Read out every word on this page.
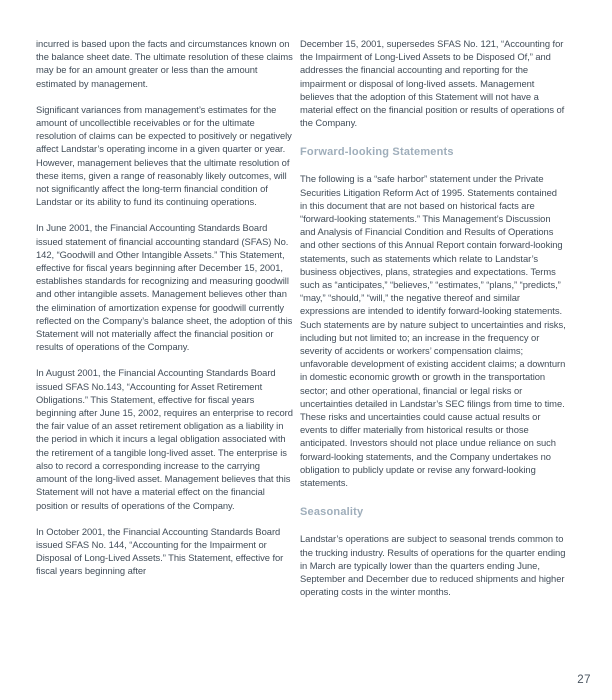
incurred is based upon the facts and circumstances known on the balance sheet date. The ultimate resolution of these claims may be for an amount greater or less than the amount estimated by management.

Significant variances from management’s estimates for the amount of uncollectible receivables or for the ultimate resolution of claims can be expected to positively or negatively affect Landstar’s operating income in a given quarter or year. However, management believes that the ultimate resolution of these items, given a range of reasonably likely outcomes, will not significantly affect the long-term financial condition of Landstar or its ability to fund its continuing operations.

In June 2001, the Financial Accounting Standards Board issued statement of financial accounting standard (SFAS) No. 142, “Goodwill and Other Intangible Assets.” This Statement, effective for fiscal years beginning after December 15, 2001, establishes standards for recognizing and measuring goodwill and other intangible assets. Management believes other than the elimination of amortization expense for goodwill currently reflected on the Company’s balance sheet, the adoption of this Statement will not materially affect the financial position or results of operations of the Company.

In August 2001, the Financial Accounting Standards Board issued SFAS No.143, “Accounting for Asset Retirement Obligations.” This Statement, effective for fiscal years beginning after June 15, 2002, requires an enterprise to record the fair value of an asset retirement obligation as a liability in the period in which it incurs a legal obligation associated with the retirement of a tangible long-lived asset. The enterprise is also to record a corresponding increase to the carrying amount of the long-lived asset. Management believes that this Statement will not have a material effect on the financial position or results of operations of the Company.

In October 2001, the Financial Accounting Standards Board issued SFAS No. 144, “Accounting for the Impairment or Disposal of Long-Lived Assets.” This Statement, effective for fiscal years beginning after

December 15, 2001, supersedes SFAS No. 121, “Accounting for the Impairment of Long-Lived Assets to be Disposed Of,” and addresses the financial accounting and reporting for the impairment or disposal of long-lived assets. Management believes that the adoption of this Statement will not have a material effect on the financial position or results of operations of the Company.

Forward-looking Statements

The following is a “safe harbor” statement under the Private Securities Litigation Reform Act of 1995. Statements contained in this document that are not based on historical facts are “forward-looking statements.” This Management’s Discussion and Analysis of Financial Condition and Results of Operations and other sections of this Annual Report contain forward-looking statements, such as statements which relate to Landstar’s business objectives, plans, strategies and expectations. Terms such as “anticipates,” “believes,” “estimates,” “plans,” “predicts,” “may,” “should,” “will,” the negative thereof and similar expressions are intended to identify forward-looking statements. Such statements are by nature subject to uncertainties and risks, including but not limited to; an increase in the frequency or severity of accidents or workers’ compensation claims; unfavorable development of existing accident claims; a downturn in domestic economic growth or growth in the transportation sector; and other operational, financial or legal risks or uncertainties detailed in Landstar’s SEC filings from time to time. These risks and uncertainties could cause actual results or events to differ materially from historical results or those anticipated. Investors should not place undue reliance on such forward-looking statements, and the Company undertakes no obligation to publicly update or revise any forward-looking statements.

Seasonality

Landstar’s operations are subject to seasonal trends common to the trucking industry. Results of operations for the quarter ending in March are typically lower than the quarters ending June, September and December due to reduced shipments and higher operating costs in the winter months.

27
